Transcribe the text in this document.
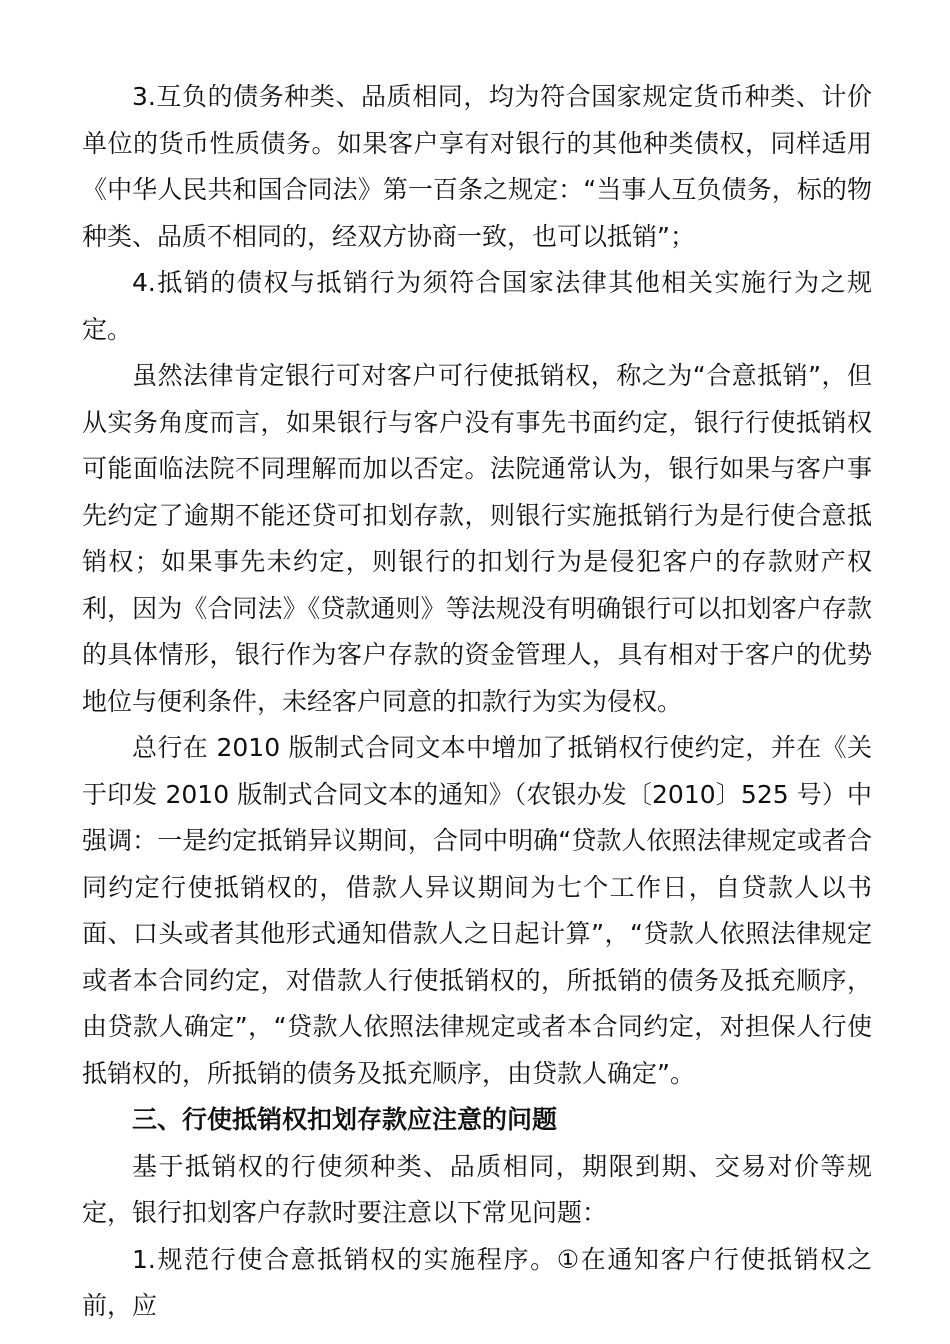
3.互负的债务种类、品质相同，均为符合国家规定货币种类、计价单位的货币性质债务。如果客户享有对银行的其他种类债权，同样适用《中华人民共和国合同法》第一百条之规定：“当事人互负债务，标的物种类、品质不相同的，经双方协商一致，也可以抵销”；

4.抵销的债权与抵销行为须符合国家法律其他相关实施行为之规定。

虽然法律肯定银行可对客户可行使抵销权，称之为“合意抵销”，但从实务角度而言，如果银行与客户没有事先书面约定，银行行使抵销权可能面临法院不同理解而加以否定。法院通常认为，银行如果与客户事先约定了逾期不能还贷可扣划存款，则银行实施抵销行为是行使合意抵销权；如果事先未约定，则银行的扣划行为是侵犯客户的存款财产权利，因为《合同法》《贷款通则》等法规没有明确银行可以扣划客户存款的具体情形，银行作为客户存款的资金管理人，具有相对于客户的优势地位与便利条件，未经客户同意的扣款行为实为侵权。

总行在 2010 版制式合同文本中增加了抵销权行使约定，并在《关于印发 2010 版制式合同文本的通知》（农银办发〔2010〕525 号）中强调：一是约定抵销异议期间，合同中明确“贷款人依照法律规定或者合同约定行使抵销权的，借款人异议期间为七个工作日，自贷款人以书面、口头或者其他形式通知借款人之日起计算”，“贷款人依照法律规定或者本合同约定，对借款人行使抵销权的，所抵销的债务及抵充顺序，由贷款人确定”，“贷款人依照法律规定或者本合同约定，对担保人行使抵销权的，所抵销的债务及抵充顺序，由贷款人确定”。

三、行使抵销权扣划存款应注意的问题

基于抵销权的行使须种类、品质相同，期限到期、交易对价等规定，银行扣划客户存款时要注意以下常见问题：

1.规范行使合意抵销权的实施程序。①在通知客户行使抵销权之前，应
